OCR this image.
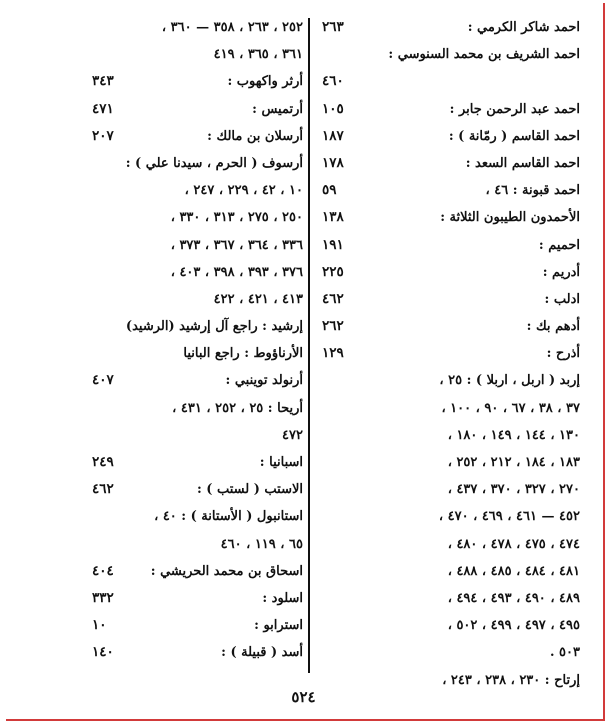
احمد شاكر الكرمي :
٢٦٣
احمد الشريف بن محمد السنوسي :
٤٦٠
احمد عبد الرحمن جابر :
١٠٥
احمد القاسم ( رمّانة ) :
١٨٧
احمد القاسم السعد :
١٧٨
احمد قبونة : ٤٦ ،
٥٩
الأحمدون الطيبون الثلاثة :
١٣٨
احميم :
١٩١
أدريم :
٢٢٥
ادلب :
٤٦٢
أدهم بك :
٢٦٢
أذرح :
١٢٩
إربد ( اربل ، اربلا ) : ٢٥ ،
٣٧ ، ٣٨ ، ٦٧ ، ٩٠ ، ١٠٠ ،
١٣٠ ، ١٤٤ ، ١٤٩ ، ١٨٠ ،
١٨٣ ، ١٨٤ ، ٢١٢ ، ٢٥٢ ،
٢٧٠ ، ٣٢٧ ، ٣٧٠ ، ٤٣٧ ،
٤٥٢ — ٤٦١ ، ٤٦٩ ، ٤٧٠ ،
٤٧٤ ، ٤٧٥ ، ٤٧٨ ، ٤٨٠ ،
٤٨١ ، ٤٨٤ ، ٤٨٥ ، ٤٨٨ ،
٤٨٩ ، ٤٩٠ ، ٤٩٣ ، ٤٩٤ ،
٤٩٥ ، ٤٩٧ ، ٤٩٩ ، ٥٠٢ ،
٥٠٣ .
إرتاح : ٢٣٠ ، ٢٣٨ ، ٢٤٣ ،
٢٥٢ ، ٢٦٣ ، ٣٥٨ — ٣٦٠ ،
٣٦١ ، ٣٦٥ ، ٤١٩
أرثر واكهوب :
٣٤٣
أرتميس :
٤٧١
أرسلان بن مالك :
٢٠٧
أرسوف ( الحرم ، سيدنا علي ) :
١٠ ، ٤٢ ، ٢٢٩ ، ٢٤٧ ،
٢٥٠ ، ٢٧٥ ، ٣١٣ ، ٣٣٠ ،
٣٣٦ ، ٣٦٤ ، ٣٦٧ ، ٣٧٣ ،
٣٧٦ ، ٣٩٣ ، ٣٩٨ ، ٤٠٣ ،
٤١٣ ، ٤٢١ ، ٤٢٢
إرشيد : راجع آل إرشيد (الرشيد)
الأرناؤوط : راجع البانيا
أرنولد توينبي :
٤٠٧
أريحا : ٢٥ ، ٢٥٢ ، ٤٣١ ،
٤٧٢
اسبانيا :
٢٤٩
الاستب ( لستب ) :
٤٦٢
استانبول ( الأستانة ) : ٤٠ ،
٦٥ ، ١١٩ ، ٤٦٠
اسحاق بن محمد الحريشي :
٤٠٤
اسلود :
٣٣٢
استرابو :
١٠
أسد ( قبيلة ) :
١٤٠
٥٢٤
